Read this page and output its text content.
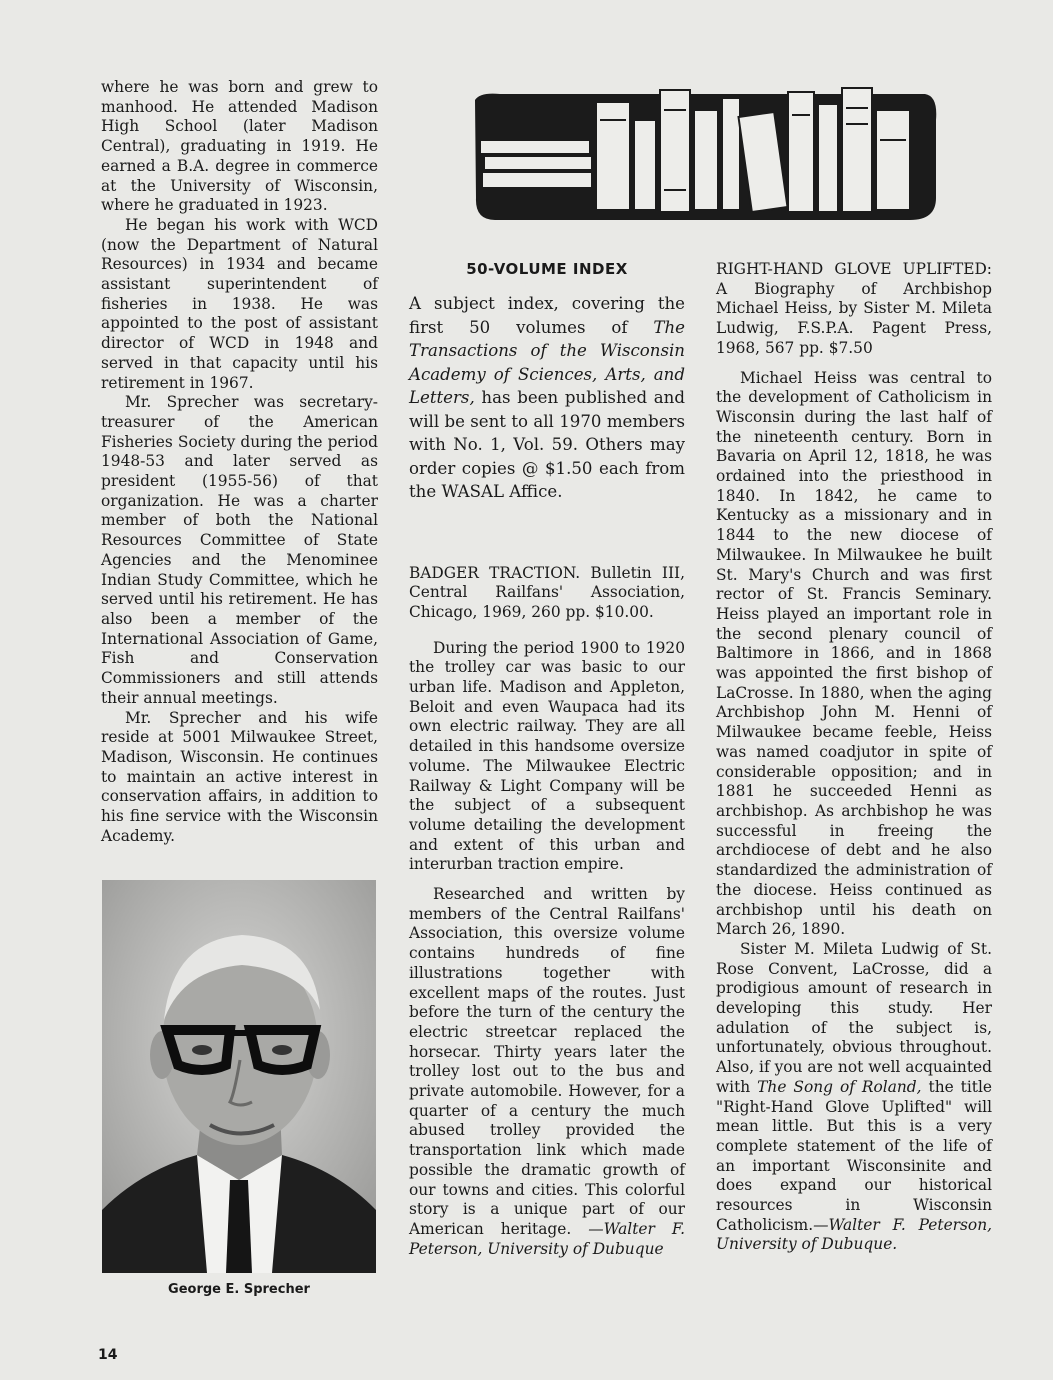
where he was born and grew to manhood. He attended Madison High School (later Madison Central), graduating in 1919. He earned a B.A. degree in commerce at the University of Wisconsin, where he graduated in 1923.

He began his work with WCD (now the Department of Natural Resources) in 1934 and became assistant superintendent of fisheries in 1938. He was appointed to the post of assistant director of WCD in 1948 and served in that capacity until his retirement in 1967.

Mr. Sprecher was secretary-treasurer of the American Fisheries Society during the period 1948-53 and later served as president (1955-56) of that organization. He was a charter member of both the National Resources Committee of State Agencies and the Menominee Indian Study Committee, which he served until his retirement. He has also been a member of the International Association of Game, Fish and Conservation Commissioners and still attends their annual meetings.

Mr. Sprecher and his wife reside at 5001 Milwaukee Street, Madison, Wisconsin. He continues to maintain an active interest in conservation affairs, in addition to his fine service with the Wisconsin Academy.

George E. Sprecher
50-VOLUME INDEX

A subject index, covering the first 50 volumes of The Transactions of the Wisconsin Academy of Sciences, Arts, and Letters, has been published and will be sent to all 1970 members with No. 1, Vol. 59. Others may order copies @ $1.50 each from the WASAL Affice.

BADGER TRACTION. Bulletin III, Central Railfans' Association, Chicago, 1969, 260 pp. $10.00.

During the period 1900 to 1920 the trolley car was basic to our urban life. Madison and Appleton, Beloit and even Waupaca had its own electric railway. They are all detailed in this handsome oversize volume. The Milwaukee Electric Railway & Light Company will be the subject of a subsequent volume detailing the development and extent of this urban and interurban traction empire.

Researched and written by members of the Central Railfans' Association, this oversize volume contains hundreds of fine illustrations together with excellent maps of the routes. Just before the turn of the century the electric streetcar replaced the horsecar. Thirty years later the trolley lost out to the bus and private automobile. However, for a quarter of a century the much abused trolley provided the transportation link which made possible the dramatic growth of our towns and cities. This colorful story is a unique part of our American heritage. —Walter F. Peterson, University of Dubuque

RIGHT-HAND GLOVE UPLIFTED: A Biography of Archbishop Michael Heiss, by Sister M. Mileta Ludwig, F.S.P.A. Pagent Press, 1968, 567 pp. $7.50

Michael Heiss was central to the development of Catholicism in Wisconsin during the last half of the nineteenth century. Born in Bavaria on April 12, 1818, he was ordained into the priesthood in 1840. In 1842, he came to Kentucky as a missionary and in 1844 to the new diocese of Milwaukee. In Milwaukee he built St. Mary's Church and was first rector of St. Francis Seminary. Heiss played an important role in the second plenary council of Baltimore in 1866, and in 1868 was appointed the first bishop of LaCrosse. In 1880, when the aging Archbishop John M. Henni of Milwaukee became feeble, Heiss was named coadjutor in spite of considerable opposition; and in 1881 he succeeded Henni as archbishop. As archbishop he was successful in freeing the archdiocese of debt and he also standardized the administration of the diocese. Heiss continued as archbishop until his death on March 26, 1890.

Sister M. Mileta Ludwig of St. Rose Convent, LaCrosse, did a prodigious amount of research in developing this study. Her adulation of the subject is, unfortunately, obvious throughout. Also, if you are not well acquainted with The Song of Roland, the title "Right-Hand Glove Uplifted" will mean little. But this is a very complete statement of the life of an important Wisconsinite and does expand our historical resources in Wisconsin Catholicism.—Walter F. Peterson, University of Dubuque.

14
